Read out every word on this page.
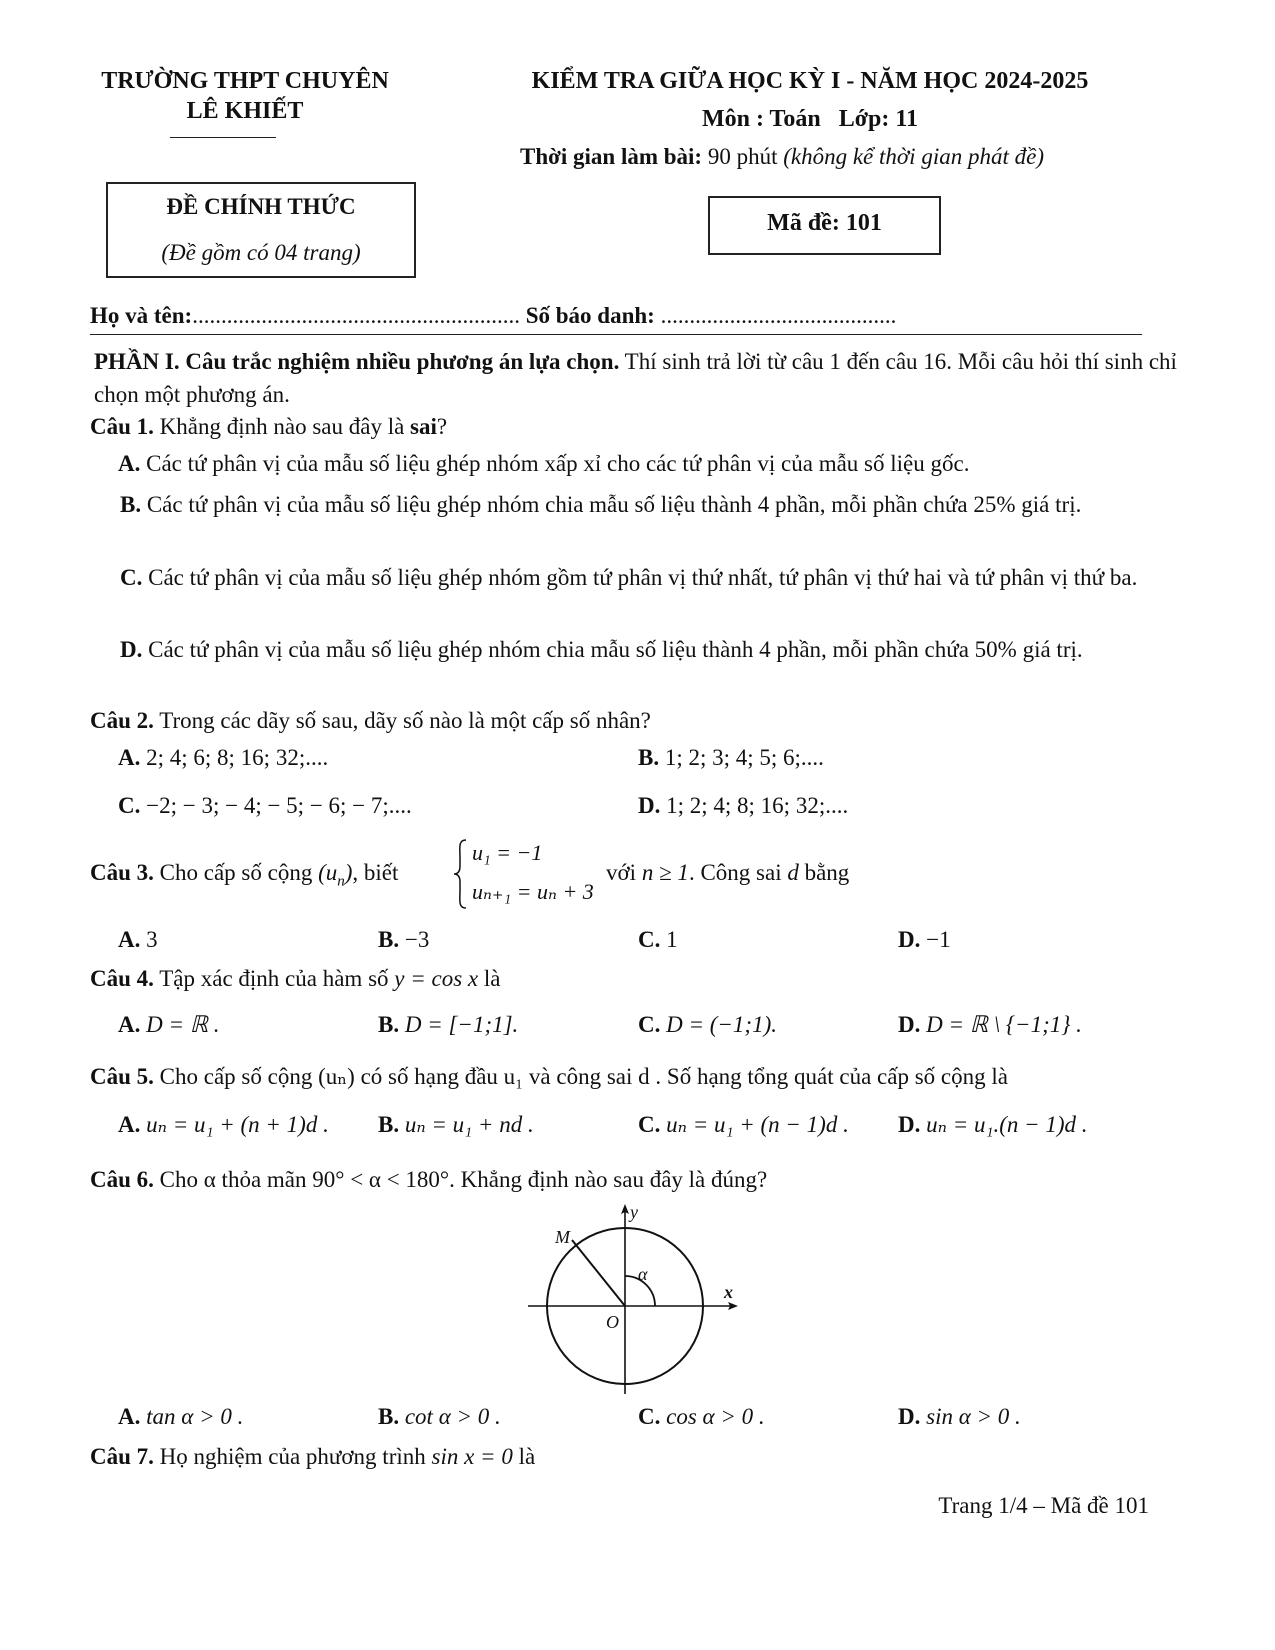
TRƯỜNG THPT CHUYÊN
LÊ KHIẾT
KIỂM TRA GIỮA HỌC KỲ I - NĂM HỌC 2024-2025
Môn : Toán   Lớp: 11
Thời gian làm bài: 90 phút (không kể thời gian phát đề)
ĐỀ CHÍNH THỨC
(Đề gồm có 04 trang)
Mã đề: 101
Họ và tên:......................................................... Số báo danh: .........................................
PHẦN I. Câu trắc nghiệm nhiều phương án lựa chọn. Thí sinh trả lời từ câu 1 đến câu 16. Mỗi câu hỏi thí sinh chỉ chọn một phương án.
Câu 1. Khẳng định nào sau đây là sai?
A. Các tứ phân vị của mẫu số liệu ghép nhóm xấp xỉ cho các tứ phân vị của mẫu số liệu gốc.
B. Các tứ phân vị của mẫu số liệu ghép nhóm chia mẫu số liệu thành 4 phần, mỗi phần chứa 25% giá trị.
C. Các tứ phân vị của mẫu số liệu ghép nhóm gồm tứ phân vị thứ nhất, tứ phân vị thứ hai và tứ phân vị thứ ba.
D. Các tứ phân vị của mẫu số liệu ghép nhóm chia mẫu số liệu thành 4 phần, mỗi phần chứa 50% giá trị.
Câu 2. Trong các dãy số sau, dãy số nào là một cấp số nhân?
A. 2; 4; 6; 8; 16; 32;....	B. 1; 2; 3; 4; 5; 6;....
C. −2; − 3; − 4; − 5; − 6; − 7;....	D. 1; 2; 4; 8; 16; 32;....
Câu 3. Cho cấp số cộng $(u_n)$, biết
u₁ = −1
uₙ₊₁ = uₙ + 3
với n ≥ 1. Công sai d bằng
A. 3	B. −3	C. 1	D. −1
Câu 4. Tập xác định của hàm số y = cos x là
A. D = ℝ .	B. D = [−1;1].	C. D = (−1;1).	D. D = ℝ \ {−1;1} .
Câu 5. Cho cấp số cộng (uₙ) có số hạng đầu u₁ và công sai d . Số hạng tổng quát của cấp số cộng là
A. uₙ = u₁ + (n + 1)d . B. uₙ = u₁ + nd .	C. uₙ = u₁ + (n − 1)d . D. uₙ = u₁.(n − 1)d .
Câu 6. Cho α thỏa mãn 90° < α < 180°. Khẳng định nào sau đây là đúng?
M
y
x
O
α
A. tan α > 0 .	B. cot α > 0 .	C. cos α > 0 .	D. sin α > 0 .
Câu 7. Họ nghiệm của phương trình sin x = 0 là
Trang 1/4 – Mã đề 101
